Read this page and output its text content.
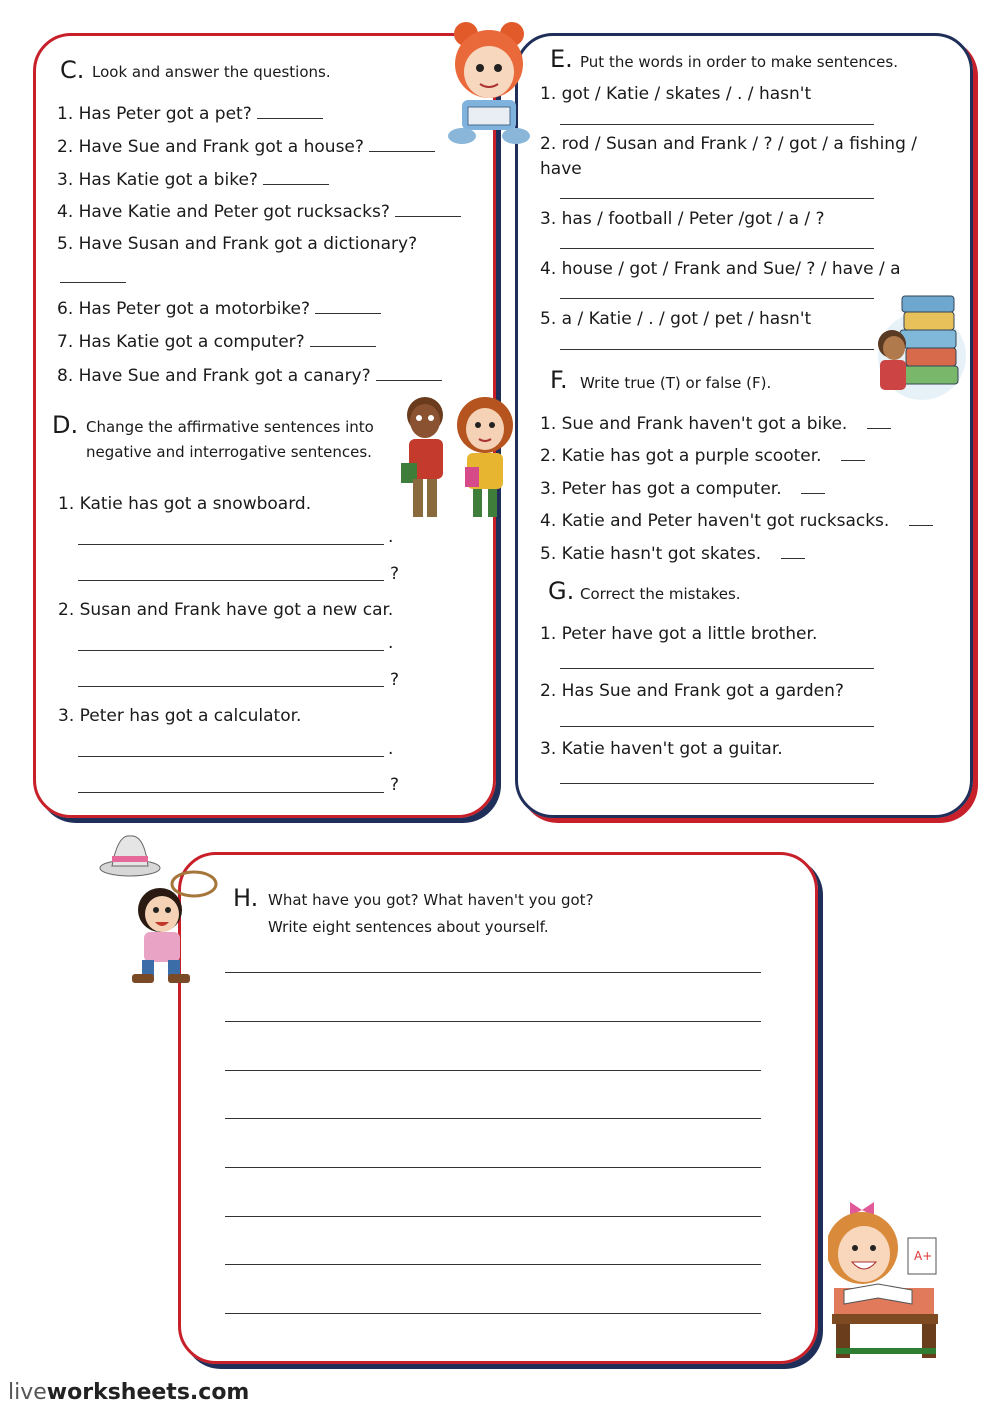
C. Look and answer the questions.
1. Has Peter got a pet?
2. Have Sue and Frank got a house?
3. Has Katie got a bike?
4. Have Katie and Peter got rucksacks?
5. Have Susan and Frank got a dictionary?
6. Has Peter got a motorbike?
7. Has Katie got a computer?
8. Have Sue and Frank got a canary?
D. Change the affirmative sentences into
negative and interrogative sentences.
1. Katie has got a snowboard.
.
?
2. Susan and Frank have got a new car.
.
?
3. Peter has got a calculator.
.
?
E. Put the words in order to make sentences.
1. got / Katie / skates / . / hasn't
2. rod / Susan and Frank / ? / got / a fishing /
have
3. has / football / Peter /got / a / ?
4. house / got / Frank and Sue/ ? / have / a
5. a / Katie / . / got / pet / hasn't
F. Write true (T) or false (F).
1. Sue and Frank haven't got a bike.
2. Katie has got a purple scooter.
3. Peter has got a computer.
4. Katie and Peter haven't got rucksacks.
5. Katie hasn't got skates.
G. Correct the mistakes.
1. Peter have got a little brother.
2. Has Sue and Frank got a garden?
3. Katie haven't got a guitar.
H. What have you got? What haven't you got?
Write eight sentences about yourself.
A+
liveworksheets.com
